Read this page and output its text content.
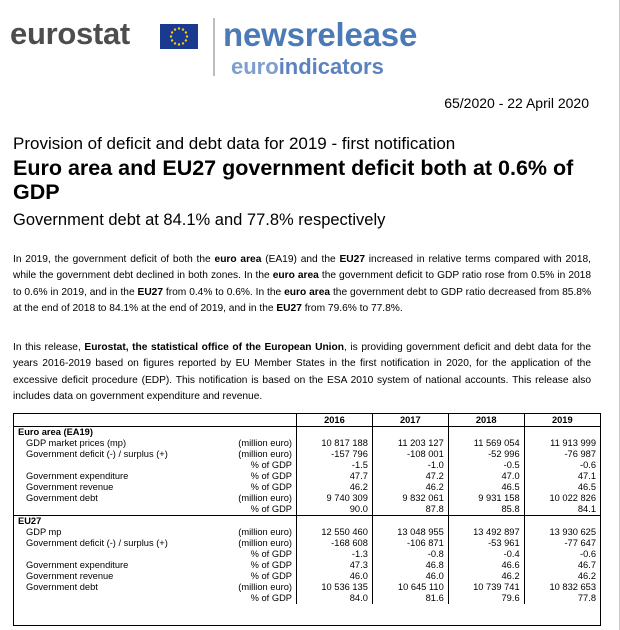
eurostat	newsrelease
euroindicators
65/2020 - 22 April 2020
Provision of deficit and debt data for 2019 - first notification
Euro area and EU27 government deficit both at 0.6% of GDP
Government debt at 84.1% and 77.8% respectively
In 2019, the government deficit of both the euro area (EA19) and the EU27 increased in relative terms compared with 2018, while the government debt declined in both zones. In the euro area the government deficit to GDP ratio rose from 0.5% in 2018 to 0.6% in 2019, and in the EU27 from 0.4% to 0.6%. In the euro area the government debt to GDP ratio decreased from 85.8% at the end of 2018 to 84.1% at the end of 2019, and in the EU27 from 79.6% to 77.8%.
In this release, Eurostat, the statistical office of the European Union, is providing government deficit and debt data for the years 2016-2019 based on figures reported by EU Member States in the first notification in 2020, for the application of the excessive deficit procedure (EDP). This notification is based on the ESA 2010 system of national accounts. This release also includes data on government expenditure and revenue.
		2016	2017	2018	2019
Euro area (EA19)					
GDP market prices (mp)	(million euro)	10 817 188	11 203 127	11 569 054	11 913 999
Government deficit (-) / surplus (+)	(million euro)	-157 796	-108 001	-52 996	-76 987
	% of GDP	-1.5	-1.0	-0.5	-0.6
Government expenditure	% of GDP	47.7	47.2	47.0	47.1
Government revenue	% of GDP	46.2	46.2	46.5	46.5
Government debt	(million euro)	9 740 309	9 832 061	9 931 158	10 022 826
	% of GDP	90.0	87.8	85.8	84.1
EU27					
GDP mp	(million euro)	12 550 460	13 048 955	13 492 897	13 930 625
Government deficit (-) / surplus (+)	(million euro)	-168 608	-106 871	-53 961	-77 647
	% of GDP	-1.3	-0.8	-0.4	-0.6
Government expenditure	% of GDP	47.3	46.8	46.6	46.7
Government revenue	% of GDP	46.0	46.0	46.2	46.2
Government debt	(million euro)	10 536 135	10 645 110	10 739 741	10 832 653
	% of GDP	84.0	81.6	79.6	77.8
